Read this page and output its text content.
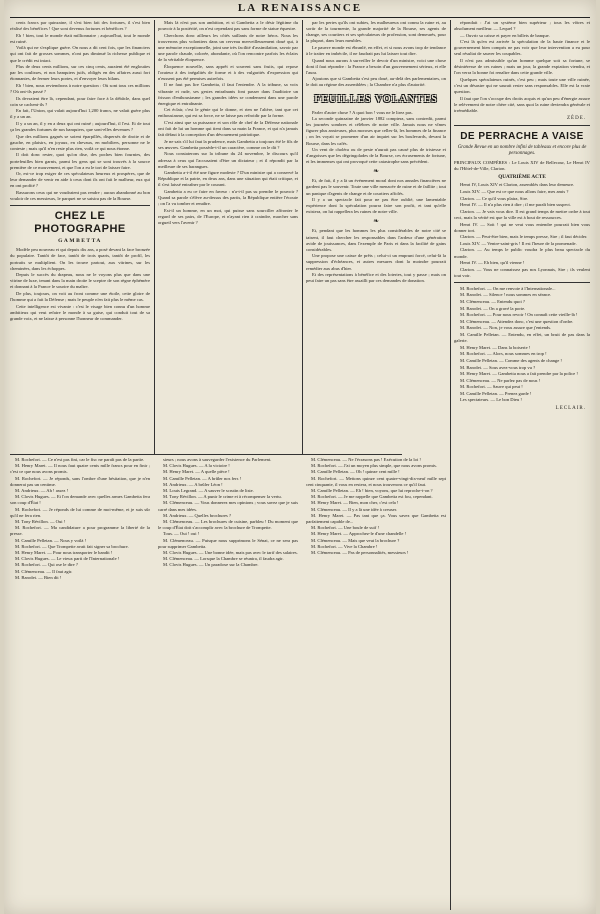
LA RENAISSANCE

cents francs par quinzaine, il s'est bien fait des fortunes, il s'est bien réalisé des bénéfices ! Que sont devenus fortunes et bénéfices ?

Eh ! bien, tout le monde était millionnaire ; aujourd'hui, tout le monde est ruiné.

Voilà qui ne s'explique guère. On nous a dit cent fois, que les financiers qui ont fait de grosses sommes, n'ont pas diminué la richesse publique et que le crédit est intact.

Plus de deux cents millions, sur ces cinq cents, auraient été englouties par les coulisses, et nos banquiers juifs, obligés en des affaires aussi fort étonnantes, de fermer leurs portes, et d'envoyer leurs bilans.

Eh ! bien, nous reviendrons à notre question : Où sont tous ces millions ? Où ont-ils passé ?

Ils devraient être là, cependant, pour faire face à la débâcle, dans quel coin se cachent-ils ?

En fait, l'Union, qui valait aujourd'hui 1,200 francs, ne valait guère plus il y a un an.

Il y a un an, il y en a deux qui ont ruiné ; aujourd'hui, il l'est. Et de tout ça les grandes fortunes de nos banquiers, que sont-elles devenues ?

Que des millions gagnés se soient éparpillés, dispersés de droite et de gauche, en plaisirs, en joyaux, en chevaux, en mobiliers, personne ne le conteste ; mais qu'il n'en reste plus rien, voilà ce qui nous étonne.

Il doit donc rester, quoi qu'on dise, des poches bien fournies, des portefeuilles bien garnis, parmi les gens qui se sont trouvés à la source première de ce mouvement, et que l'on a eu le tort de laisser faire.

Or, est-ce trop exiger de ces spéculateurs heureux et prospères, que de leur demander de venir en aide à ceux dont ils ont fait le malheur, eux qui en ont profité ?

Rassurons ceux qui ne voudraient pas rendre ; aucun abandonné au bon vouloir de ces messieurs, le parquet ne se saisira pas de la Bourse.

CHEZ LE PHOTOGRAPHE
GAMBETTA

Modèle peu nouveau et qui depuis dix ans, a posé devant la face bronzée du populaire. Tantôt de face, tantôt de trois quarts, tantôt de profil, les portraits se multiplient. On les trouve partout, aux vitrines, sur les cheminées, dans les échoppes.

Depuis le succès du drapeau, nous ne le voyons plus que dans une vitrine de luxe, tenant dans la main droite le sceptre de son règne éphémère et donnant à la France le sourire du maître.

De plus, toujours, on voit au front comme une étoile, cette gloire de l'homme qui a fait la Défense ; mais le peuple n'en fait plus le même cas.

Cette intelligence est vivante : c'est le visage bien connu d'un homme ambitieux qui veut refaire le monde à sa guise, qui conduit tout de sa grande voix, et ne laisse à personne l'honneur de commander.

Mais là n'est pas son ambition, et si Gambetta a le désir légitime du pouvoir à la postérité, on n'est cependant pas sans forme de statue équestre.

Cherchons donc ailleurs les côtés saillants de notre héros. Nous les trouverons plus volontiers dans un cerveau merveilleusement doué qui, à une mémoire exceptionnelle, joint une très facilité d'assimilation, savoir par une parole chaude, colorée, abondante, où l'on rencontre parfois les éclairs de la véritable éloquence.

Éloquence nouvelle, sans apprêt et souvent sans fruits, qui repose l'orateur à des inégalités de forme et à des vulgarités d'expression qui n'eussent pas été permises autrefois.

Il ne faut pas lire Gambetta, il faut l'entendre. A la tribune, sa voix vibrante et rude, ses gestes entraînants font passer dans l'auditoire un frisson d'enthousiasme ; les grandes idées se condensent dans une parole énergique et entraînante.

Cet éclair, c'est le génie qui le donne, et rien ne l'altère, tant que cet enthousiasme, qui est sa force, ne se laisse pas refroidir par la forme.

C'est ainsi que sa puissance et son rôle de chef de la Défense nationale ont fait de lui un homme qui tient dans sa main la France, et qui n'a jamais fait défaut à la conception d'un dévouement patriotique.

Je ne sais s'il lui faut la prudence, mais Gambetta a toujours été le fils de ses œuvres. Gambetta possède-t-il un caractère, comme on le dit ?

Nous constaterons sur la tribune du 24 novembre, le discours qu'il adressa à ceux qui l'accusaient d'être un dictateur ; et il répondit par la meilleure de ses harangues.

Gambetta a-t-il été une figure modeste ? D'un ministre qui a conservé la République et la patrie, en deux ans, dans une situation qui était critique, et il s'est laissé entraîner par le courant.

Gambetta a eu ce faire en faveur : n'a-t-il pas su prendre le pouvoir ? Quand sa parole s'élève au-dessus des partis, la République entière l'écoute ; on l'a vu tomber et renaître.

Est-il un homme, en un mot, qui puisse sans sourciller affronter le regard de ses pairs, de l'Europe, et n'ayant rien à craindre, marcher sans orgueil vers l'avenir ?

par les pertes qu'ils ont subies, les malheureux ont connu la ruine et, au sortir de la tourmente, la grande majorité de la Bourse, ses agents de change, ses courtiers et ses spéculateurs de profession, sont demeurés, pour la plupart, dans leurs meubles.

Le pauvre monde est ébranlé, en effet, et si nous avons trop de tendance à le traiter en imbécile, il ne faudrait pas lui laisser tout dire.

Quand nous aurons à surveiller le devoir d'un ministre, voici une chose dont il faut répondre : la France a besoin d'un gouvernement sérieux, et elle l'aura.

Ajoutons que si Gambetta s'est peu doué, au-delà des parlementaires, on le doit au régime des assemblées ; la Chambre n'a plus d'autorité.

FEUILLES VOLANTES

Parler d'autre chose ? A quoi bon ! vous ne le lirez pas.

La seconde quinzaine de janvier 1882 comptera, sans contredit, parmi les journées sombres et célèbres de notre ville. Jamais nous ne vîmes figurer plus anxieuses, plus moroses que celles-là, les hommes de la finance ; on les voyait se promener d'un air inquiet sur les boulevards, devant la Bourse, dans les cafés.

Un vent de choléra ou de peste n'aurait pas causé plus de tristesse et d'angoisses que les dégringolades de la Bourse, ces écrasements de fortune, et les immenses qui ont provoqué cette catastrophe sans précédent.

❧

Et, de fait, il y a là un événement moral dont nos annales financières ne gardent pas le souvenir. Toute une ville menacée de ruine et de faillite ; tout un panique d'agents de change et de courtiers affolés.

Il y a un spectacle fait pour ne pas être oublié, une lamentable expérience dont la spéculation pourra faire son profit, et tant qu'elle existera, on lui rappellera les ruines de notre ville.

❧

Et, pendant que les hommes les plus considérables de notre cité se taisent, il faut chercher les responsables dans l'ardeur d'une génération avide de jouissances, dans l'exemple de Paris et dans la facilité de gains considérables.

Une propose une caisse de prêts ; celui-ci un emprunt forcé, celui-là la suppression d'échéances, et autres mesures dont la moindre pourrait remédier aux abus d'hier.

Et des représentations à bénéfice et des loteries, tout y passe ; mais on peut faire un pas sans être assailli par ces demandes de donation.

répondait : J'ai un système bien supérieur ; tous les vôtres et absolument meilleur. — Lequel ?

— Ouvrir sa caisse et payer en billets de banque.

C'est là qu'en est arrivée la spéculation de la haute finance et le gouvernement bien compris ne pas voir que leur intervention a eu pour seul résultat de sauver les coupables.

Il n'est pas admissible qu'un homme quelque soit sa fortune, se désintéresse de ces ruines ; mais un jour, la grande expiation viendra, et l'on verra la bonne foi renaître dans cette grande ville.

Quelques spéculateurs ruinés, c'est peu ; mais toute une ville ruinée, c'est un désastre qui ne saurait rester sans responsables. Elle est la vraie question.

Il faut que l'on s'occupe des droits acquis et qu'un peu d'énergie assure le relèvement de notre chère cité, sans quoi la ruine deviendra générale et irrémédiable.

ZÈDE.
DE PERRACHE A VAISE
Grande Revue en un nombre infini de tableaux et encore plus de personnages.

PRINCIPAUX COMPÈRES : Le Louis XIV de Bellecour, Le Henri IV du l'Hôtel-de-Ville, Clarion.

QUATRIÈME ACTE

Henri IV, Louis XIV et Clarion, assemblés dans leur demeure.

Louis XIV. — Que est ce que nous allons faire, mes amis ?

Clarion. — Ce qu'il vous plaira, Sire.

Henri IV. — Il n'a plus rien à dire ; il me paraît bien suspect.

Clarion. — Je vais vous dire. Il est grand temps de mettre ordre à tout ceci, mais la vérité est que la ville est à bout de ressources.

Henri IV. — Soit ! qui ne veut vous entendre pourrait bien vous donner tort.

Clarion. — Peut-être bien, mais le temps presse, Sire ; il faut décider.

Louis XIV. — Ventre-saint-gris ! Il est l'heure de la promenade.

Clarion. — Au temps le public voudra le plus beau spectacle du monde.

Henri IV. — Eh bien, qu'il vienne !

Clarion. — Vous ne connaissez pas nos Lyonnais, Sire ; ils veulent tout voir.

M. Rochefort. — On me renvoie à l'Internationale...

M. Barodet. — Silence ! nous sommes en séance.

M. Clémenceau. — Entendu quoi ?

M. Barodet. — On a gravé la porte.

M. Rochefort. — Pour nous revoir ! On connaît cette vieille-là !

M. Clémenceau. — Attendez donc, c'est une question d'ordre.

M. Barodet. — Non, je vous assure que j'entends.

M. Camille Pelletan. — Entendu, en effet, un bruit de pas dans la galerie.

M. Henry Maret. — Dans la boiserie !

M. Rochefort. — Alors, nous sommes en trop !

M. Camille Pelletan. — Comme des agents de change !

M. Barodet. — Sous avez-vous trop vu ?

M. Henry Maret. — Gambetta nous a fait prendre par la police !

M. Clémenceau. — Ne parlez pas de nous !

M. Rochefort. — Sauve qui peut !

M. Camille Pelletan. — Prenez garde !

Les spectateurs. — Le bon Dieu !

LECLAIR.

M. Rochefort. — Ce n'est pas fini, car le fisc ne paraît pas de la partie.

M. Henry Maret. — Il nous faut quatre cents mille francs pour en finir ; c'est ce que nous avons promis.

M. Rochefort. — Je réponds, sans l'ombre d'une hésitation, que je n'en donnerai pas un centime.

M. Andrieux. — Ah ! assez !

M. Clovis Hugues. — Et l'on demande avec quelles armes Gambetta fera son coup d'État !

M. Rochefort. — Je réponds de lui comme de moi-même, et je suis sûr qu'il ne fera rien.

M. Tony Révillon. — Oui !

M. Rochefort. — Ma candidature a pour programme la liberté de la presse.

M. Camille Pelletan. — Nous y voilà !

M. Rochefort. — Que Trompette avait fait signer sa brochure.

M. Henry Maret. — Pour nous transporter le bandit !

M. Clovis Hugues. — Le vieux parti de l'Internationale !

M. Rochefort. — Qui ose le dire ?

M. Clémenceau. — Il faut agir.

M. Barodet. — Bien dit !

sieurs ; nous avons à sauvegarder l'existence du Parlement.

M. Clovis Hugues. — A la victoire !

M. Henry Maret. — A quelle pièce !

M. Camille Pelletan. — A brûler nos fers !

M. Andrieux. — A brûler Léon !

M. Louis Legrand. — A sauver le scrutin de liste.

M. Tony Révillon. — A punir le crime et à récompenser la vertu.

M. Clémenceau. — Vous donnerez mes opinions ; vous savez que je suis carré dans mes idées.

M. Andrieux. — Quelles brochures ?

M. Clémenceau. — Les brochures de cuisine, parbleu ! Du moment que le coup d'État doit s'accomplir avec la brochure de Trompette.

Tous. — Oui ! oui !

M. Clémenceau. — Puisque nous supprimons le Sénat, ce ne sera pas pour supprimer Gambetta.

M. Clovis Hugues. — Une bonne idée, mais pas avec le tarif des salaires.

M. Clémenceau. — Lorsque la Chambre se réunira, il faudra agir.

M. Clovis Hugues. — Un paradoxe sur la Chambre.

M. Clémenceau. — Ne l'écrasons pas ! Exécution de la loi !

M. Rochefort. — J'ai un moyen plus simple, que nous avons promis.

M. Camille Pelletan. — Oh ! quinze cent mille !

M. Rochefort. — Mettons quinze cent quatre-vingt-dix-neuf mille sept cent cinquante, il vous en restera, et nous trouverons ce qu'il faut.

M. Camille Pelletan. — Eh ! bien, voyons, que lui reproche-t-on ?

M. Rochefort. — Je me rappelle que Gambetta est fou, cependant.

M. Henry Maret. — Bien, mon cher, c'est cela !

M. Clémenceau. — Il y a là une idée à creuser.

M. Henry Maret. — Pas tant que ça. Vous savez que Gambetta est parfaitement capable de...

M. Rochefort. — Une boule de suif !

M. Henry Maret. — Approchez-le d'une chandelle !

M. Clémenceau. — Mais que veut la brochure ?

M. Rochefort. — Vive la Chambre !

M. Clémenceau. — Pas de personnalités, messieurs !
